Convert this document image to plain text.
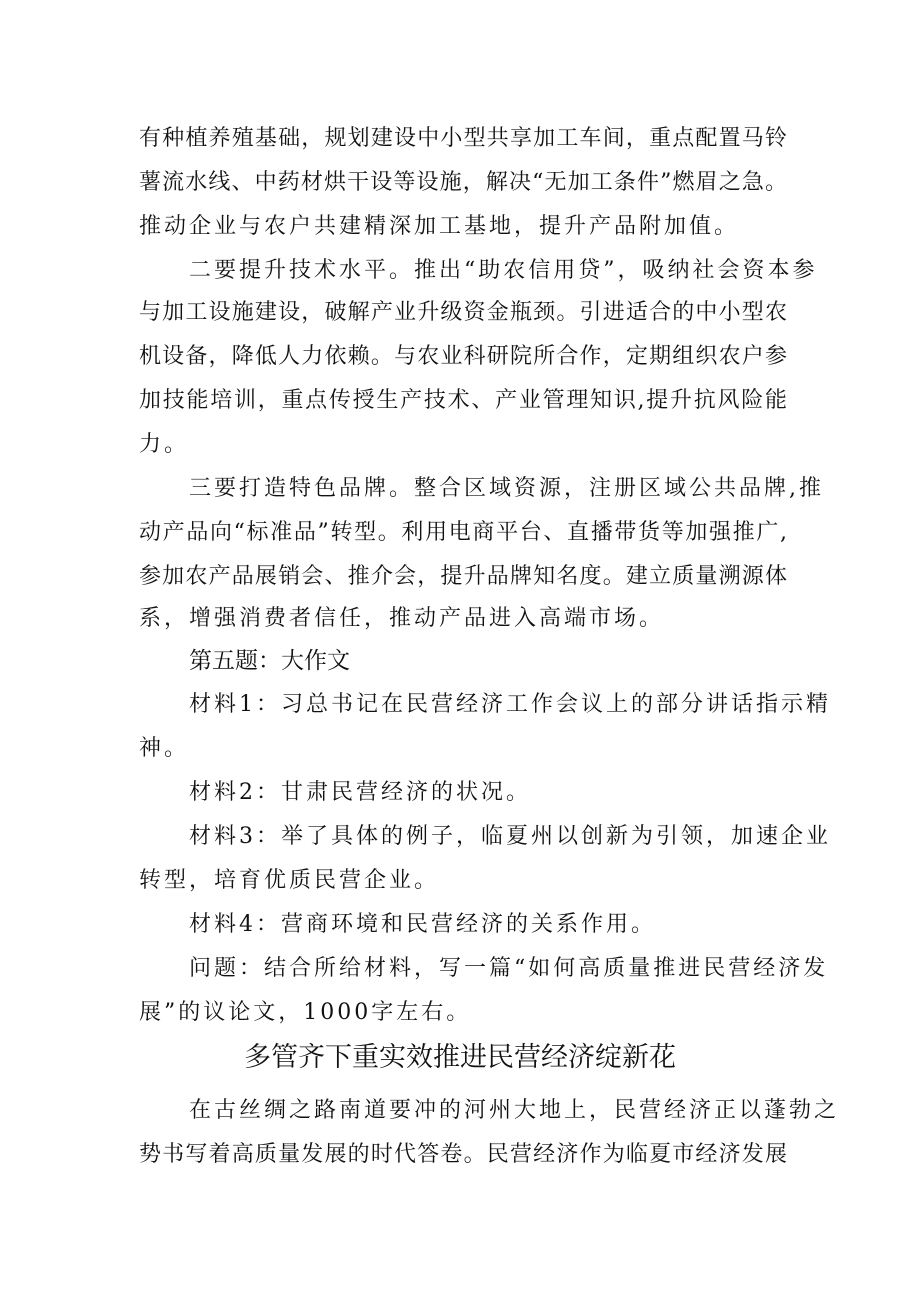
有种植养殖基础，规划建设中小型共享加工车间，重点配置马铃
薯流水线、中药材烘干设等设施，解决“无加工条件”燃眉之急。
推动企业与农户共建精深加工基地，提升产品附加值。
二要提升技术水平。推出“助农信用贷”，吸纳社会资本参
与加工设施建设，破解产业升级资金瓶颈。引进适合的中小型农
机设备，降低人力依赖。与农业科研院所合作，定期组织农户参
加技能培训，重点传授生产技术、产业管理知识,提升抗风险能
力。
三要打造特色品牌。整合区域资源，注册区域公共品牌,推
动产品向“标准品”转型。利用电商平台、直播带货等加强推广,
参加农产品展销会、推介会，提升品牌知名度。建立质量溯源体
系，增强消费者信任，推动产品进入高端市场。
第五题：大作文
材料1：习总书记在民营经济工作会议上的部分讲话指示精
神。
材料2：甘肃民营经济的状况。
材料3：举了具体的例子，临夏州以创新为引领，加速企业
转型，培育优质民营企业。
材料4：营商环境和民营经济的关系作用。
问题：结合所给材料，写一篇“如何高质量推进民营经济发
展”的议论文，1000字左右。
多管齐下重实效推进民营经济绽新花
在古丝绸之路南道要冲的河州大地上，民营经济正以蓬勃之
势书写着高质量发展的时代答卷。民营经济作为临夏市经济发展
